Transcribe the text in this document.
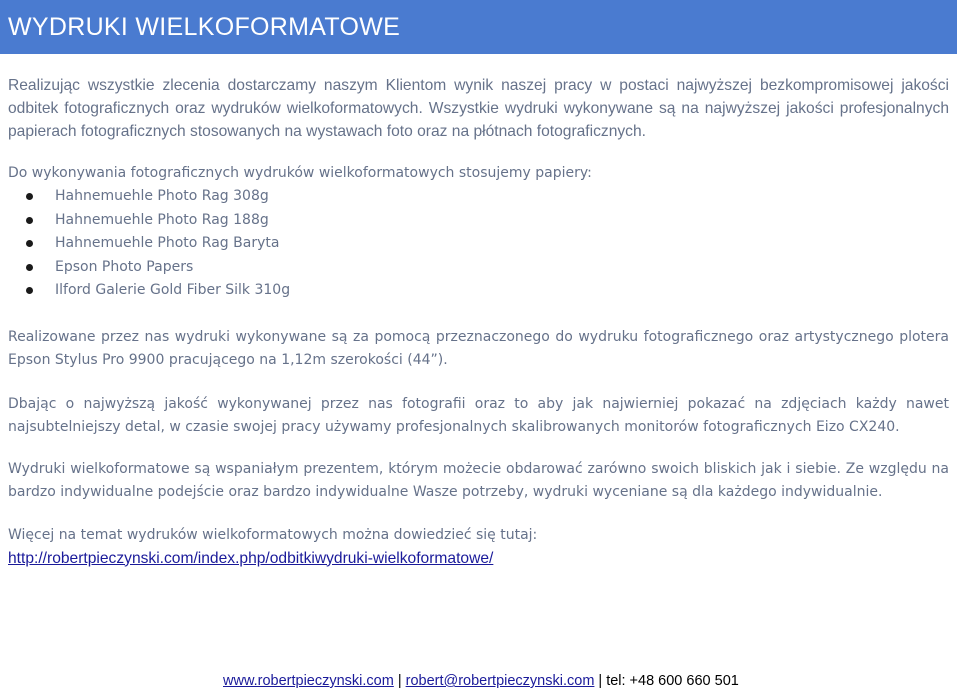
WYDRUKI WIELKOFORMATOWE

Realizując wszystkie zlecenia dostarczamy naszym Klientom wynik naszej pracy w postaci najwyższej bezkompromisowej jakości odbitek fotograficznych oraz wydruków wielkoformatowych. Wszystkie wydruki wykonywane są na najwyższej jakości profesjonalnych papierach fotograficznych stosowanych na wystawach foto oraz na płótnach fotograficznych.

Do wykonywania fotograficznych wydruków wielkoformatowych stosujemy papiery:

Hahnemuehle Photo Rag 308g
Hahnemuehle Photo Rag 188g
Hahnemuehle Photo Rag Baryta
Epson Photo Papers
Ilford Galerie Gold Fiber Silk 310g

Realizowane przez nas wydruki wykonywane są za pomocą przeznaczonego do wydruku fotograficznego oraz artystycznego plotera Epson Stylus Pro 9900 pracującego na 1,12m szerokości (44”).

Dbając o najwyższą jakość wykonywanej przez nas fotografii oraz to aby jak najwierniej pokazać na zdjęciach każdy nawet najsubtelniejszy detal, w czasie swojej pracy używamy profesjonalnych skalibrowanych monitorów fotograficznych Eizo CX240.

Wydruki wielkoformatowe są wspaniałym prezentem, którym możecie obdarować zarówno swoich bliskich jak i siebie. Ze względu na bardzo indywidualne podejście oraz bardzo indywidualne Wasze potrzeby, wydruki wyceniane są dla każdego indywidualnie.

Więcej na temat wydruków wielkoformatowych można dowiedzieć się tutaj:

http://robertpieczynski.com/index.php/odbitkiwydruki-wielkoformatowe/
www.robertpieczynski.com | robert@robertpieczynski.com | tel: +48 600 660 501
